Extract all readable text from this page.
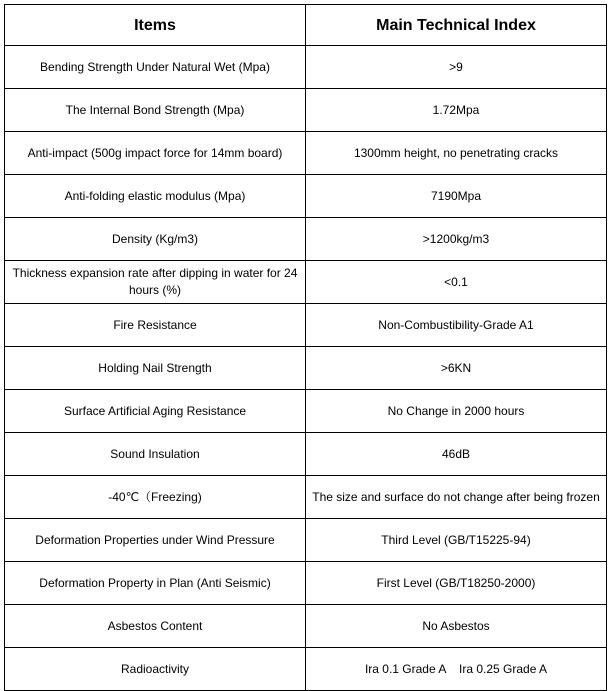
Items	Main Technical Index
Bending Strength Under Natural Wet (Mpa)	>9
The Internal Bond Strength (Mpa)	1.72Mpa
Anti-impact (500g impact force for 14mm board)	1300mm height, no penetrating cracks
Anti-folding elastic modulus (Mpa)	7190Mpa
Density (Kg/m3)	>1200kg/m3
Thickness expansion rate after dipping in water for 24 hours (%)	<0.1
Fire Resistance	Non-Combustibility-Grade A1
Holding Nail Strength	>6KN
Surface Artificial Aging Resistance	No Change in 2000 hours
Sound Insulation	46dB
-40℃（Freezing)	The size and surface do not change after being frozen
Deformation Properties under Wind Pressure	Third Level (GB/T15225-94)
Deformation Property in Plan (Anti Seismic)	First Level (GB/T18250-2000)
Asbestos Content	No Asbestos
Radioactivity	Ira 0.1 Grade A    Ira 0.25 Grade A
